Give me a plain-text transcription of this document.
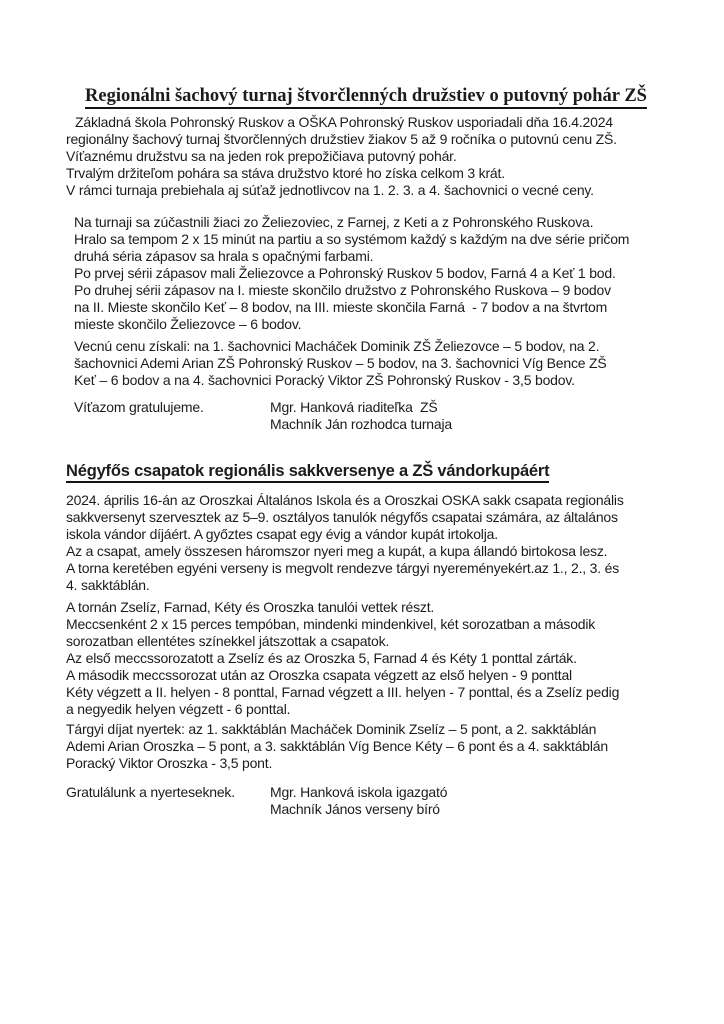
Regionálni šachový turnaj štvorčlenných družstiev o putovný pohár ZŠ
Základná škola Pohronský Ruskov a OŠKA Pohronský Ruskov usporiadali dňa 16.4.2024
regionálny šachový turnaj štvorčlenných družstiev žiakov 5 až 9 ročníka o putovnú cenu ZŠ.
Víťaznému družstvu sa na jeden rok prepožičiava putovný pohár.
Trvalým držiteľom pohára sa stáva družstvo ktoré ho získa celkom 3 krát.
V rámci turnaja prebiehala aj súťaž jednotlivcov na 1. 2. 3. a 4. šachovnici o vecné ceny.
Na turnaji sa zúčastnili žiaci zo Želiezoviec, z Farnej, z Keti a z Pohronského Ruskova.
Hralo sa tempom 2 x 15 minút na partiu a so systémom každý s každým na dve série pričom
druhá séria zápasov sa hrala s opačnými farbami.
Po prvej sérii zápasov mali Želiezovce a Pohronský Ruskov 5 bodov, Farná 4 a Keť 1 bod.
Po druhej sérii zápasov na I. mieste skončilo družstvo z Pohronského Ruskova – 9 bodov
na II. Mieste skončilo Keť – 8 bodov, na III. mieste skončila Farná  - 7 bodov a na štvrtom
mieste skončilo Želiezovce – 6 bodov.
Vecnú cenu získali: na 1. šachovnici Macháček Dominik ZŠ Želiezovce – 5 bodov, na 2.
šachovnici Ademi Arian ZŠ Pohronský Ruskov – 5 bodov, na 3. šachovnici Víg Bence ZŠ
Keť – 6 bodov a na 4. šachovnici Poracký Viktor ZŠ Pohronský Ruskov - 3,5 bodov.
Víťazom gratulujeme.	Mgr. Hanková riaditeľka  ZŠ
Machník Ján rozhodca turnaja
Négyfős csapatok regionális sakkversenye a ZŠ vándorkupáért
2024. április 16-án az Oroszkai Általános Iskola és a Oroszkai OSKA sakk csapata regionális
sakkversenyt szervesztek az 5–9. osztályos tanulók négyfős csapatai számára, az általános
iskola vándor díjáért. A győztes csapat egy évig a vándor kupát irtokolja.
Az a csapat, amely összesen háromszor nyeri meg a kupát, a kupa állandó birtokosa lesz.
A torna keretében egyéni verseny is megvolt rendezve tárgyi nyereményekért.az 1., 2., 3. és
4. sakktáblán.
A tornán Zselíz, Farnad, Kéty és Oroszka tanulói vettek részt.
Meccsenként 2 x 15 perces tempóban, mindenki mindenkivel, két sorozatban a második
sorozatban ellentétes színekkel játszottak a csapatok.
Az első meccssorozatott a Zselíz és az Oroszka 5, Farnad 4 és Kéty 1 ponttal zárták.
A második meccssorozat után az Oroszka csapata végzett az első helyen - 9 ponttal
Kéty végzett a II. helyen - 8 ponttal, Farnad végzett a III. helyen - 7 ponttal, és a Zselíz pedig
a negyedik helyen végzett - 6 ponttal.
Tárgyi díjat nyertek: az 1. sakktáblán Macháček Dominik Zselíz – 5 pont, a 2. sakktáblán
Ademi Arian Oroszka – 5 pont, a 3. sakktáblán Víg Bence Kéty – 6 pont és a 4. sakktáblán
Poracký Viktor Oroszka - 3,5 pont.
Gratulálunk a nyerteseknek.	Mgr. Hanková iskola igazgató
Machník János verseny bíró
